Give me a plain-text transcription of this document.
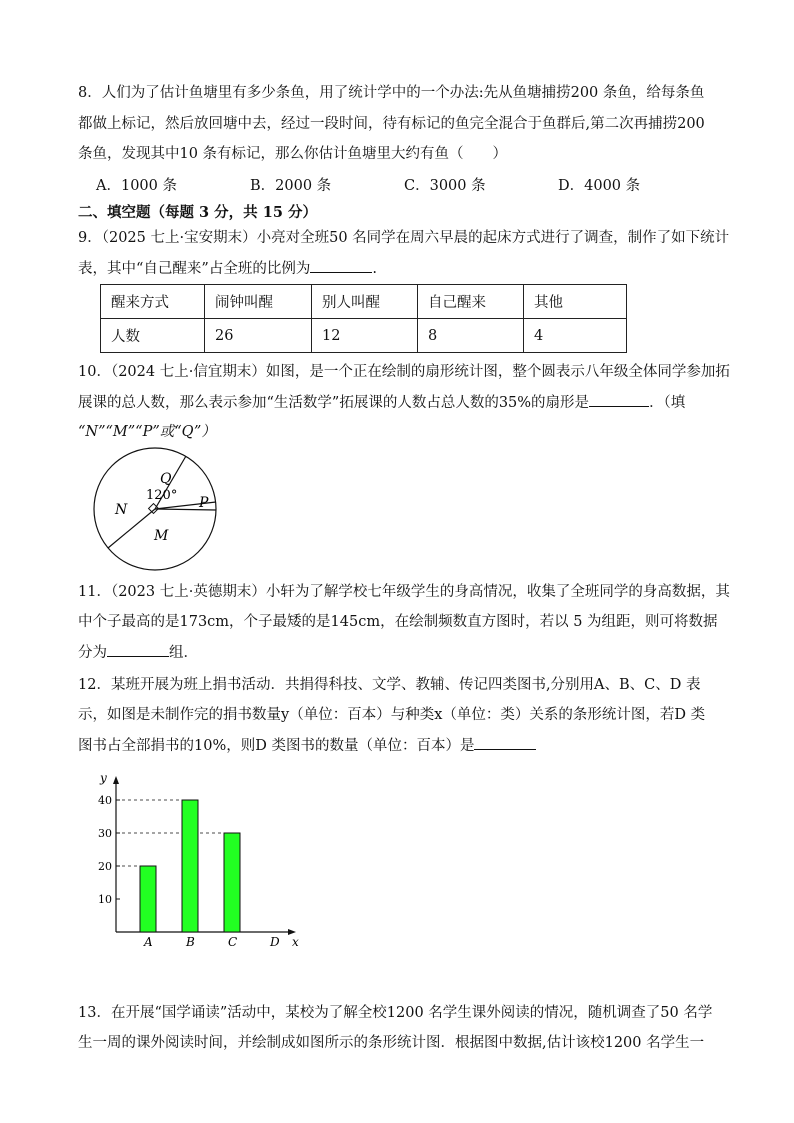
8．人们为了估计鱼塘里有多少条鱼，用了统计学中的一个办法:先从鱼塘捕捞200 条鱼，给每条鱼
都做上标记，然后放回塘中去，经过一段时间，待有标记的鱼完全混合于鱼群后,第二次再捕捞200
条鱼，发现其中10 条有标记，那么你估计鱼塘里大约有鱼（　　）
A．1000 条	B．2000 条	C．3000 条	D．4000 条
二、填空题（每题 3 分，共 15 分）
9．（2025 七上·宝安期末）小亮对全班50 名同学在周六早晨的起床方式进行了调查，制作了如下统计
表，其中“自己醒来”占全班的比例为	.
醒来方式	闹钟叫醒	别人叫醒	自己醒来	其他
人数	26	12	8	4
10．（2024 七上·信宜期末）如图，是一个正在绘制的扇形统计图，整个圆表示八年级全体同学参加拓
展课的总人数，那么表示参加“生活数学”拓展课的人数占总人数的35%的扇形是	．（填
“N”“M”“P”或“Q”）
Q
120°
N	P
M
11．（2023 七上·英德期末）小轩为了解学校七年级学生的身高情况，收集了全班同学的身高数据，其
中个子最高的是173cm，个子最矮的是145cm，在绘制频数直方图时，若以 5 为组距，则可将数据
分为	组．
12．某班开展为班上捐书活动．共捐得科技、文学、教辅、传记四类图书,分别用A、B、C、D 表
示，如图是未制作完的捐书数量y（单位：百本）与种类x（单位：类）关系的条形统计图，若D 类
图书占全部捐书的10%，则D 类图书的数量（单位：百本）是
y
x
10
20
30
40
A	B	C	D
13．在开展“国学诵读”活动中，某校为了解全校1200 名学生课外阅读的情况，随机调查了50 名学
生一周的课外阅读时间，并绘制成如图所示的条形统计图．根据图中数据,估计该校1200 名学生一
